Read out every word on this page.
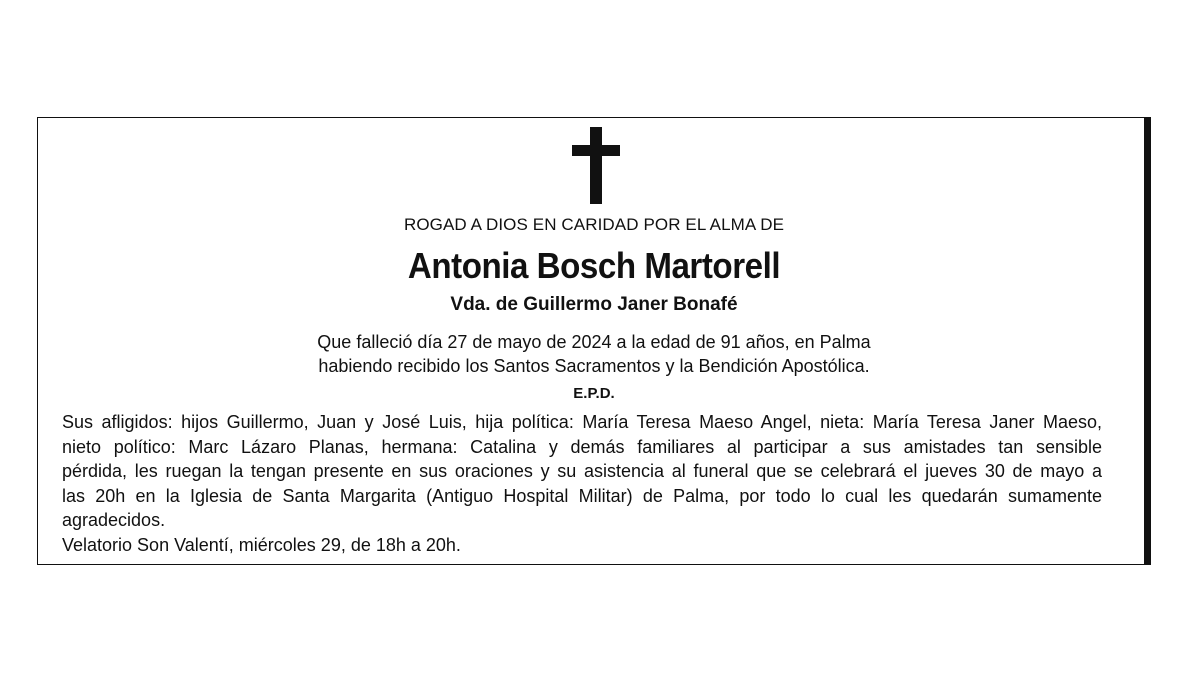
ROGAD A DIOS EN CARIDAD POR EL ALMA DE

Antonia Bosch Martorell

Vda. de Guillermo Janer Bonafé

Que falleció día 27 de mayo de 2024 a la edad de 91 años, en Palma
habiendo recibido los Santos Sacramentos y la Bendición Apostólica.

E.P.D.

Sus afligidos: hijos Guillermo, Juan y José Luis, hija política: María Teresa Maeso Angel, nieta: María Teresa Janer Maeso,
nieto político: Marc Lázaro Planas, hermana: Catalina y demás familiares al participar a sus amistades tan sensible
pérdida, les ruegan la tengan presente en sus oraciones y su asistencia al funeral que se celebrará el jueves 30 de mayo a
las 20h en la Iglesia de Santa Margarita (Antiguo Hospital Militar) de Palma, por todo lo cual les quedarán sumamente
agradecidos.
Velatorio Son Valentí, miércoles 29, de 18h a 20h.
